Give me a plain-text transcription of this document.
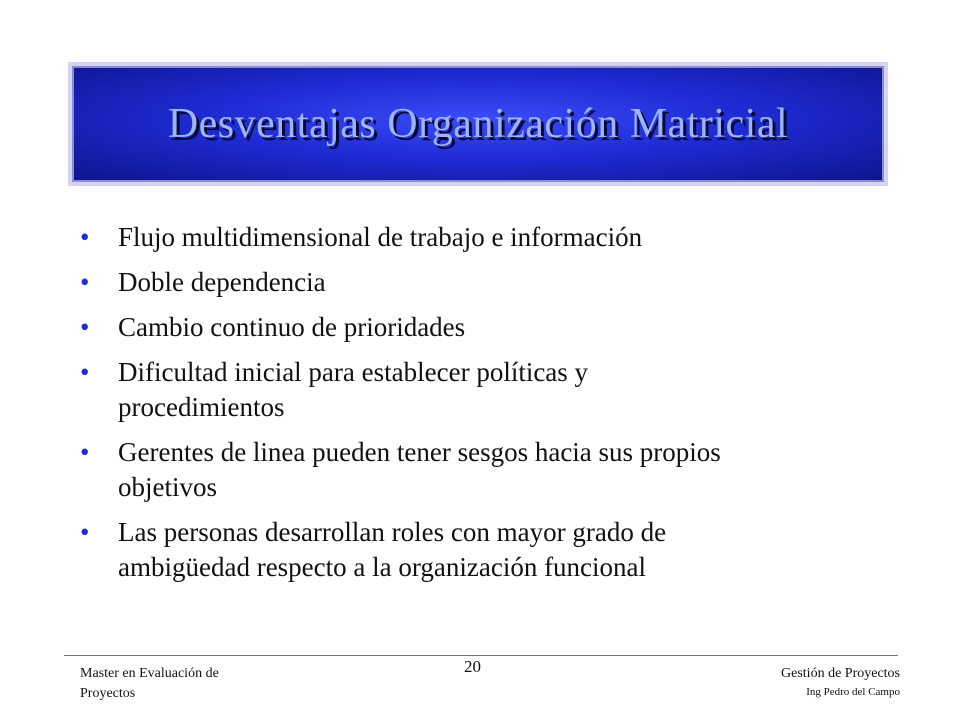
Desventajas Organización Matricial
• Flujo multidimensional de trabajo e información
• Doble dependencia
• Cambio continuo de prioridades
• Dificultad inicial para establecer políticas y
procedimientos
• Gerentes de linea pueden tener sesgos hacia sus propios
objetivos
• Las personas desarrollan roles con mayor grado de
ambigüedad respecto a la organización funcional
Master en Evaluación de
Proyectos
20	Gestión de Proyectos
Ing Pedro del Campo
